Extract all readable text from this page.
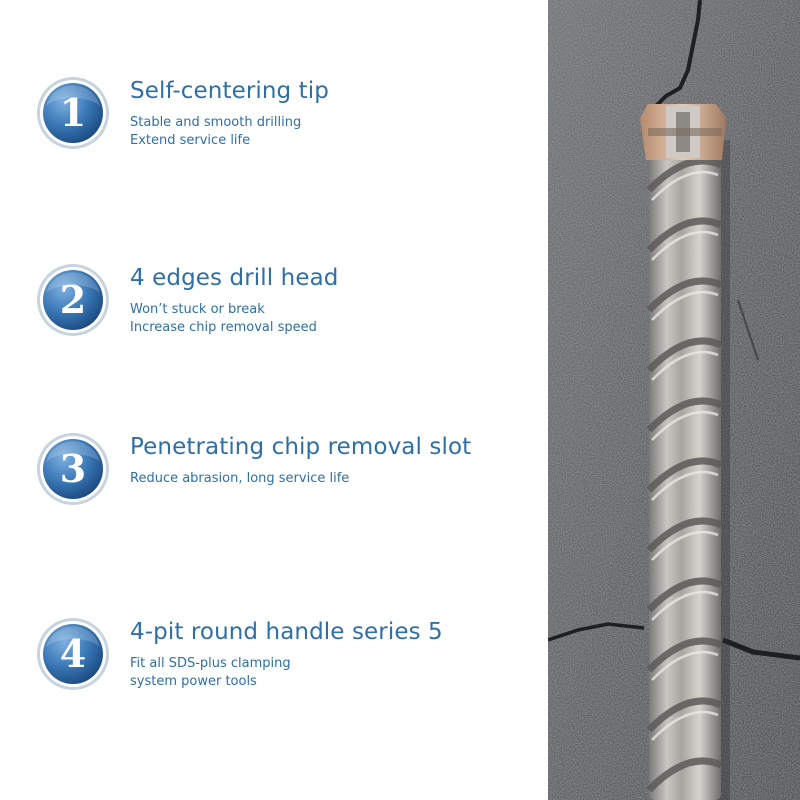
1 Self-centering tip

Stable and smooth drilling
Extend service life

2 4 edges drill head

Won’t stuck or break
Increase chip removal speed

3 Penetrating chip removal slot

Reduce abrasion, long service life

4 4-pit round handle series 5

Fit all SDS-plus clamping
system power tools
